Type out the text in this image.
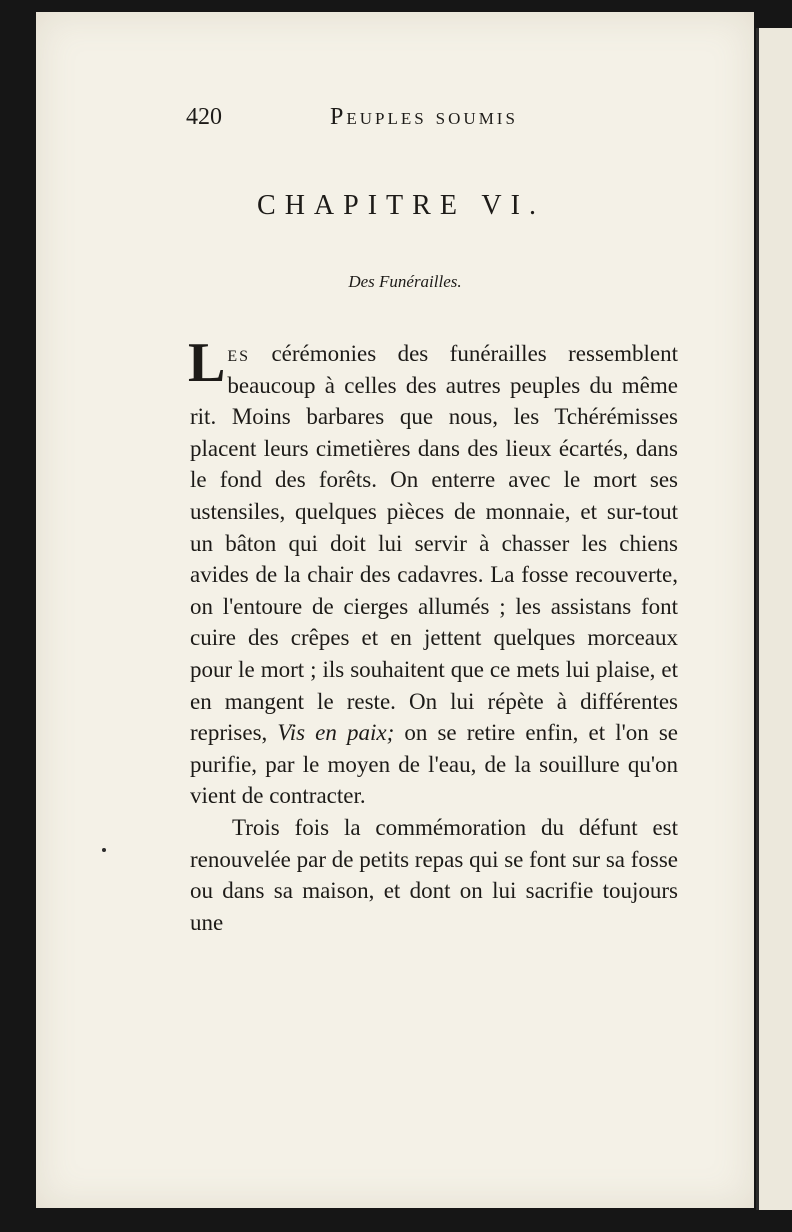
420	Peuples soumis
CHAPITRE VI.
Des Funérailles.

Les cérémonies des funérailles ressemblent beaucoup à celles des autres peuples du même rit. Moins barbares que nous, les Tchérémisses placent leurs cimetières dans des lieux écartés, dans le fond des forêts. On enterre avec le mort ses ustensiles, quelques pièces de monnaie, et sur-tout un bâton qui doit lui servir à chasser les chiens avides de la chair des cadavres. La fosse recouverte, on l'entoure de cierges allumés ; les assistans font cuire des crêpes et en jettent quelques morceaux pour le mort ; ils souhaitent que ce mets lui plaise, et en mangent le reste. On lui répète à différentes reprises, Vis en paix; on se retire enfin, et l'on se purifie, par le moyen de l'eau, de la souillure qu'on vient de contracter.

Trois fois la commémoration du défunt est renouvelée par de petits repas qui se font sur sa fosse ou dans sa maison, et dont on lui sacrifie toujours une
